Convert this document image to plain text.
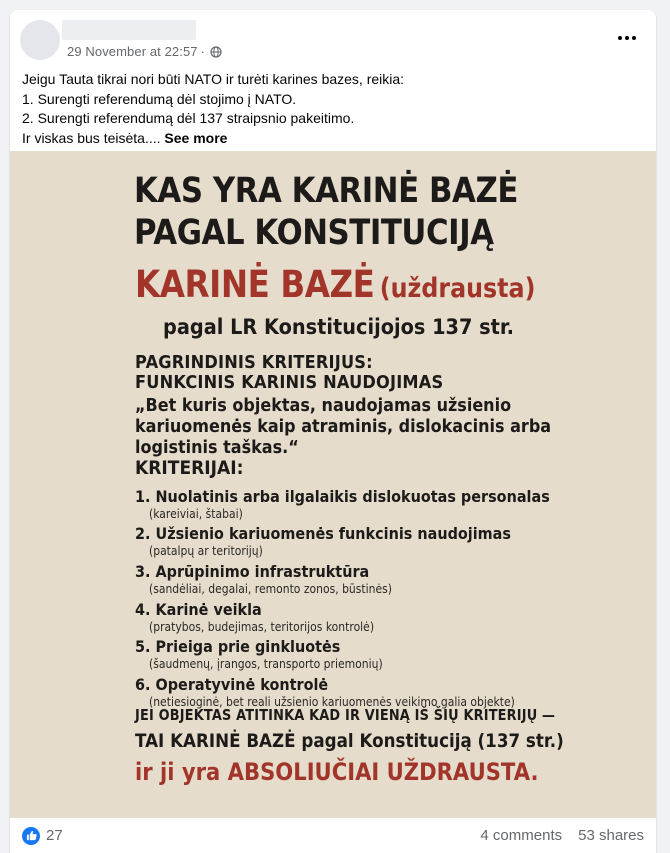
29 November at 22:57 ·
Jeigu Tauta tikrai nori būti NATO ir turėti karines bazes, reikia:
1. Surengti referendumą dėl stojimo į NATO.
2. Surengti referendumą dėl 137 straipsnio pakeitimo.
Ir viskas bus teisėta.... See more
KAS YRA KARINĖ BAZĖ
PAGAL KONSTITUCIJĄ
KARINĖ BAZĖ (uždrausta)
pagal LR Konstitucijojos 137 str.
PAGRINDINIS KRITERIJUS:
FUNKCINIS KARINIS NAUDOJIMAS
„Bet kuris objektas, naudojamas užsienio
kariuomenės kaip atraminis, dislokacinis arba
logistinis taškas.“
KRITERIJAI:
1. Nuolatinis arba ilgalaikis dislokuotas personalas
(kareiviai, štabai)
2. Užsienio kariuomenės funkcinis naudojimas
(patalpų ar teritorijų)
3. Aprūpinimo infrastruktūra
(sandėliai, degalai, remonto zonos, būstinės)
4. Karinė veikla
(pratybos, budejimas, teritorijos kontrolė)
5. Prieiga prie ginkluotės
(šaudmenų, įrangos, transporto priemonių)
6. Operatyvinė kontrolė
(netiesioginė, bet reali užsienio kariuomenės veikimo galia objekte)
JEI OBJEKTAS ATITINKA KAD IR VIENĄ IŠ ŠIŲ KRITERIJŲ —
TAI KARINĖ BAZĖ pagal Konstituciją (137 str.)
ir ji yra ABSOLIUČIAI UŽDRAUSTA.
27	4 comments 53 shares
